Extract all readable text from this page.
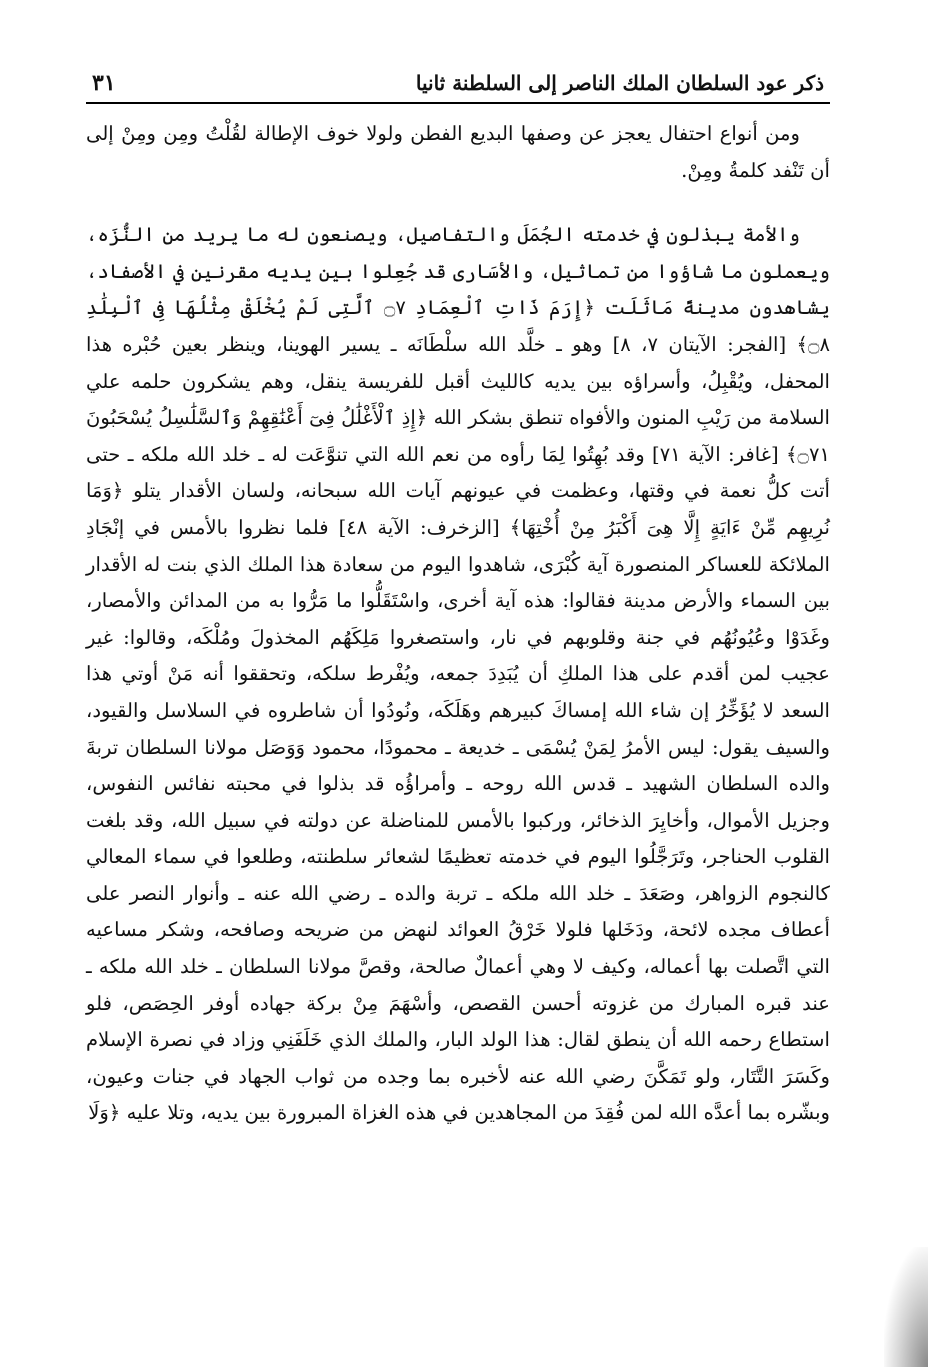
ذكر عود السلطان الملك الناصر إلى السلطنة ثانيا
٣١

ومن أنواع احتفال يعجز عن وصفها البديع الفطن ولولا خوف الإطالة لقُلْتُ ومِن ومِنْ إلى أن تَنْفد كلمةُ ومِنْ.

والأمة يبذلون في خدمته الجُمَلَ والتفاصيل، ويصنعون له ما يريد من النُّزَه، ويعملون ما شاؤوا من تماثيل، والأسَارى قد جُعِلوا بين يديه مقرنين في الأصفاد، يشاهدون مدينةً مَاثَلَت ﴿إِرَمَ ذَاتِ ٱلْعِمَادِ ۝٧ ٱلَّتِى لَمْ يُخْلَقْ مِثْلُهَا فِى ٱلْبِلَٰدِ ۝٨﴾ [الفجر: الآيتان ٧، ٨] وهو ـ خلَّد الله سلْطَانَه ـ يسير الهوينا، وينظر بعين حُبْره هذا المحفل، ويُقْبِلُ، وأسراؤه بين يديه كالليث أقبل للفريسة ينقل، وهم يشكرون حلمه علي السلامة من رَيْبِ المنون والأفواه تنطق بشكر الله ﴿إِذِ ٱلْأَغْلَٰلُ فِىٓ أَعْنَٰقِهِمْ وَٱلسَّلَٰسِلُ يُسْحَبُونَ ۝٧١﴾ [غافر: الآية ٧١] وقد بُهِتُوا لِمَا رأوه من نعم الله التي تنوَّعَت له ـ خلد الله ملكه ـ حتى أتت كلُّ نعمة في وقتها، وعظمت في عيونهم آيات الله سبحانه، ولسان الأقدار يتلو ﴿وَمَا نُرِيهِم مِّنْ ءَايَةٍ إِلَّا هِىَ أَكْبَرُ مِنْ أُخْتِهَا﴾ [الزخرف: الآية ٤٨] فلما نظروا بالأمس في إنْجَادِ الملائكة للعساكر المنصورة آية كُبْرَى، شاهدوا اليوم من سعادة هذا الملك الذي بنت له الأقدار بين السماء والأرض مدينة فقالوا: هذه آية أخرى، واسْتَقَلُّوا ما مَرُّوا به من المدائن والأمصار، وغَدَوْا وعُيُونُهُم في جنة وقلوبهم في نار، واستصغروا مَلِكَهُم المخذولَ ومُلْكَه، وقالوا: غير عجيب لمن أقدم على هذا الملكِ أن يُبَدِدَ جمعه، ويُفْرط سلكه، وتحققوا أنه مَنْ أوتي هذا السعد لا يُؤَخِّرُ إن شاء الله إمساكَ كبيرهم وهَلَكَه، ونُودُوا أن شاطروه في السلاسل والقيود، والسيف يقول: ليس الأمرُ لِمَنْ يُسْمَى ـ خديعة ـ محمودًا، محمود وَوَصَل مولانا السلطان تربةَ والده السلطان الشهيد ـ قدس الله روحه ـ وأمراؤُه قد بذلوا في محبته نفائس النفوس، وجزيل الأموال، وأخايِرَ الذخائر، وركبوا بالأمس للمناضلة عن دولته في سبيل الله، وقد بلغت القلوب الحناجر، وتَرَجَّلُوا اليوم في خدمته تعظيمًا لشعائر سلطنته، وطلعوا في سماء المعالي كالنجوم الزواهر، وصَعَدَ ـ خلد الله ملكه ـ تربة والده ـ رضي الله عنه ـ وأنوار النصر على أعطاف مجده لائحة، ودَخَلها فلولا خَرْقُ العوائد لنهض من ضريحه وصافحه، وشكر مساعيه التي اتَّصلت بها أعماله، وكيف لا وهي أعمالٌ صالحة، وقصَّ مولانا السلطان ـ خلد الله ملكه ـ عند قبره المبارك من غزوته أحسن القصص، وأسْهَمَ مِنْ بركة جهاده أوفر الحِصَص، فلو استطاع رحمه الله أن ينطق لقال: هذا الولد البار، والملك الذي خَلَفَنِي وزاد في نصرة الإسلام وكَسَرَ التَّتَار، ولو تَمَكَّنَ رضي الله عنه لأخبره بما وجده من ثواب الجهاد في جنات وعيون، وبشّره بما أعدَّه الله لمن فُقِدَ من المجاهدين في هذه الغزاة المبرورة بين يديه، وتلا عليه ﴿وَلَا
